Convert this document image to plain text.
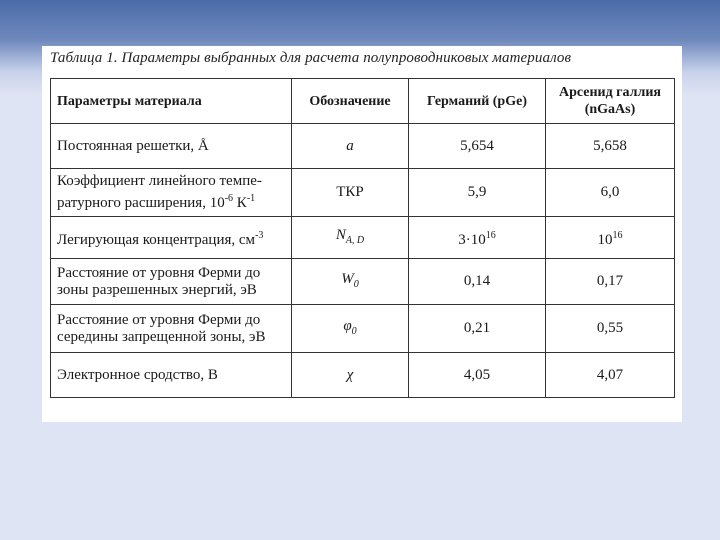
Таблица 1. Параметры выбранных для расчета полупроводниковых материалов
Параметры материала	Обозначение	Германий (pGe)	Арсенид галлия
(nGaAs)
Постоянная решетки, Å	a	5,654	5,658
Коэффициент линейного темпе-
ратурного расширения, $10^{-6}$ $К^{-1}$	ТКР	5,9	6,0
Легирующая концентрация, $см^{-3}$	$N_{A, D}$	$3\cdot 10^{16}$	$10^{16}$
Расстояние от уровня Ферми до
зоны разрешенных энергий, эВ	$W_0$	0,14	0,17
Расстояние от уровня Ферми до
середины запрещенной зоны, эВ	$\varphi_0$	0,21	0,55
Электронное сродство, В	χ	4,05	4,07
